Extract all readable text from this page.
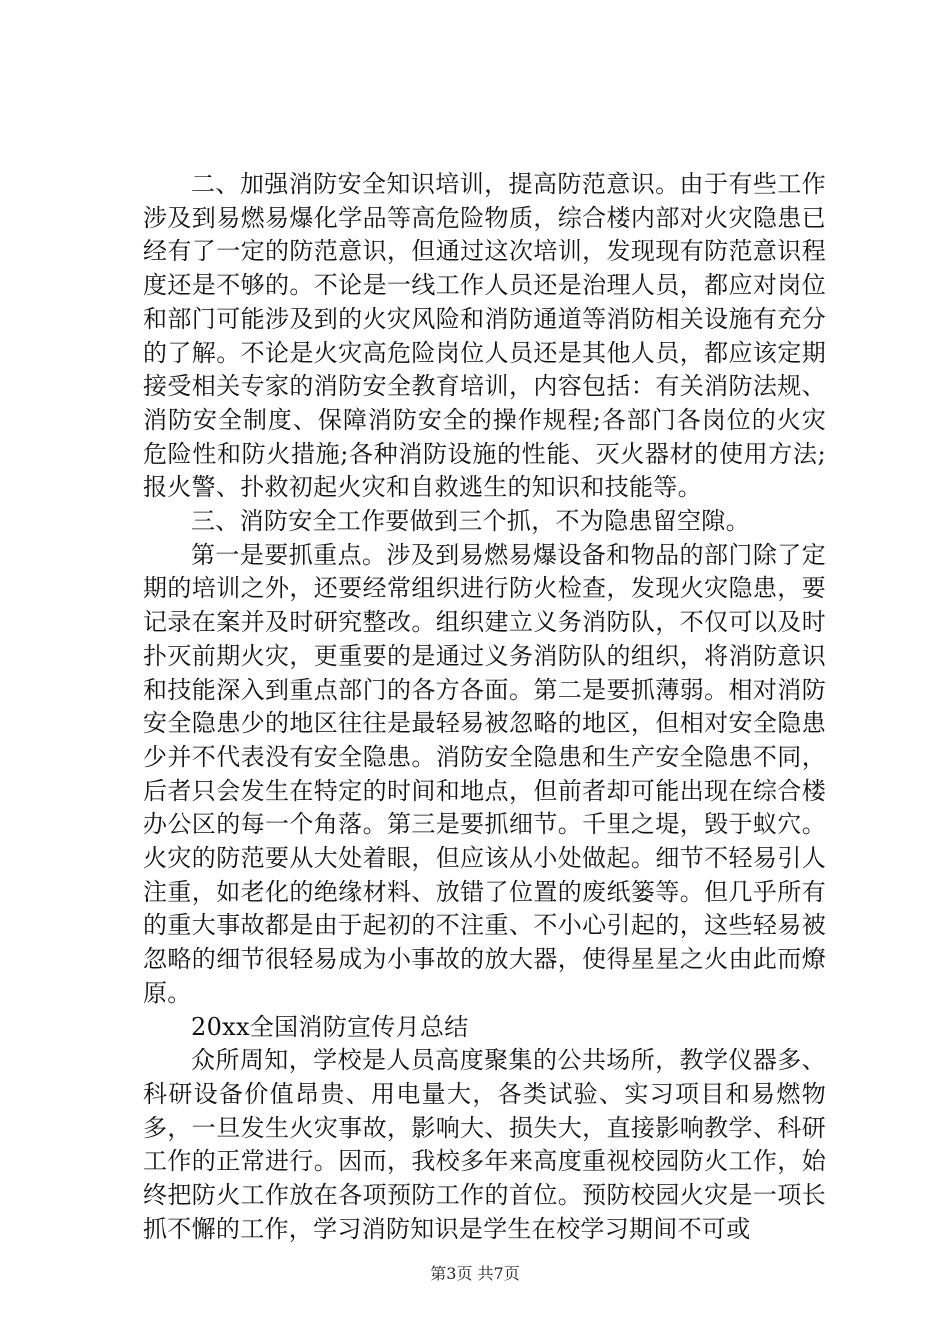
二、加强消防安全知识培训，提高防范意识。由于有些工作涉及到易燃易爆化学品等高危险物质，综合楼内部对火灾隐患已经有了一定的防范意识，但通过这次培训，发现现有防范意识程度还是不够的。不论是一线工作人员还是治理人员，都应对岗位和部门可能涉及到的火灾风险和消防通道等消防相关设施有充分的了解。不论是火灾高危险岗位人员还是其他人员，都应该定期接受相关专家的消防安全教育培训，内容包括：有关消防法规、消防安全制度、保障消防安全的操作规程;各部门各岗位的火灾危险性和防火措施;各种消防设施的性能、灭火器材的使用方法;报火警、扑救初起火灾和自救逃生的知识和技能等。

三、消防安全工作要做到三个抓，不为隐患留空隙。

第一是要抓重点。涉及到易燃易爆设备和物品的部门除了定期的培训之外，还要经常组织进行防火检查，发现火灾隐患，要记录在案并及时研究整改。组织建立义务消防队，不仅可以及时扑灭前期火灾，更重要的是通过义务消防队的组织，将消防意识和技能深入到重点部门的各方各面。第二是要抓薄弱。相对消防安全隐患少的地区往往是最轻易被忽略的地区，但相对安全隐患少并不代表没有安全隐患。消防安全隐患和生产安全隐患不同，后者只会发生在特定的时间和地点，但前者却可能出现在综合楼办公区的每一个角落。第三是要抓细节。千里之堤，毁于蚁穴。火灾的防范要从大处着眼，但应该从小处做起。细节不轻易引人注重，如老化的绝缘材料、放错了位置的废纸篓等。但几乎所有的重大事故都是由于起初的不注重、不小心引起的，这些轻易被忽略的细节很轻易成为小事故的放大器，使得星星之火由此而燎原。

20xx全国消防宣传月总结

众所周知，学校是人员高度聚集的公共场所，教学仪器多、科研设备价值昂贵、用电量大，各类试验、实习项目和易燃物多，一旦发生火灾事故，影响大、损失大，直接影响教学、科研工作的正常进行。因而，我校多年来高度重视校园防火工作，始终把防火工作放在各项预防工作的首位。预防校园火灾是一项长抓不懈的工作，学习消防知识是学生在校学习期间不可或

第3页 共7页
